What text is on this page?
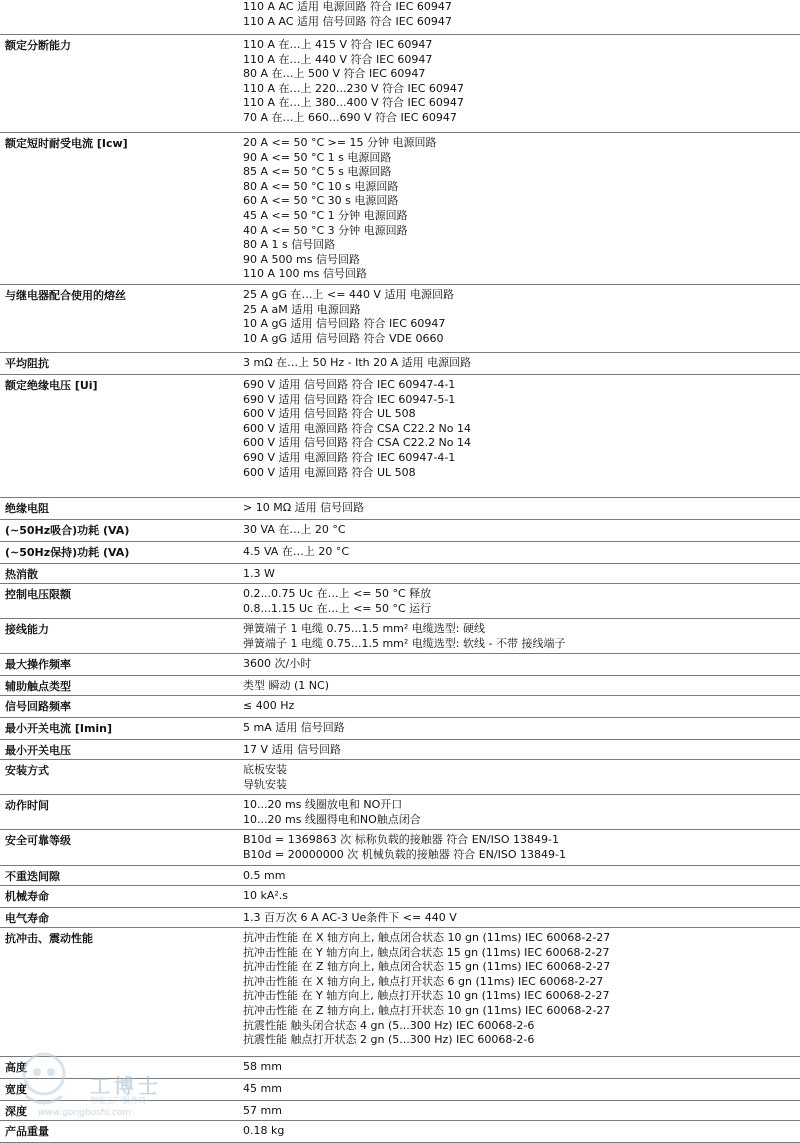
110 A AC 适用 电源回路 符合 IEC 60947
110 A AC 适用 信号回路 符合 IEC 60947
额定分断能力	110 A 在…上 415 V 符合 IEC 60947
110 A 在…上 440 V 符合 IEC 60947
80 A 在…上 500 V 符合 IEC 60947
110 A 在…上 220...230 V 符合 IEC 60947
110 A 在…上 380...400 V 符合 IEC 60947
70 A 在…上 660...690 V 符合 IEC 60947
额定短时耐受电流 [Icw]	20 A <= 50 °C >= 15 分钟 电源回路
90 A <= 50 °C 1 s 电源回路
85 A <= 50 °C 5 s 电源回路
80 A <= 50 °C 10 s 电源回路
60 A <= 50 °C 30 s 电源回路
45 A <= 50 °C 1 分钟 电源回路
40 A <= 50 °C 3 分钟 电源回路
80 A 1 s 信号回路
90 A 500 ms 信号回路
110 A 100 ms 信号回路
与继电器配合使用的熔丝	25 A gG 在…上 <= 440 V 适用 电源回路
25 A aM 适用 电源回路
10 A gG 适用 信号回路 符合 IEC 60947
10 A gG 适用 信号回路 符合 VDE 0660
平均阻抗	3 mΩ 在…上 50 Hz - Ith 20 A 适用 电源回路
额定绝缘电压 [Ui]	690 V 适用 信号回路 符合 IEC 60947-4-1
690 V 适用 信号回路 符合 IEC 60947-5-1
600 V 适用 信号回路 符合 UL 508
600 V 适用 电源回路 符合 CSA C22.2 No 14
600 V 适用 信号回路 符合 CSA C22.2 No 14
690 V 适用 电源回路 符合 IEC 60947-4-1
600 V 适用 电源回路 符合 UL 508
绝缘电阻	> 10 MΩ 适用 信号回路
(~50Hz吸合)功耗 (VA)	30 VA 在…上 20 °C
(~50Hz保持)功耗 (VA)	4.5 VA 在…上 20 °C
热消散	1.3 W
控制电压限额	0.2...0.75 Uc 在…上 <= 50 °C 释放
0.8...1.15 Uc 在…上 <= 50 °C 运行
接线能力	弹簧端子 1 电缆 0.75...1.5 mm² 电缆选型: 硬线
弹簧端子 1 电缆 0.75...1.5 mm² 电缆选型: 软线 - 不带 接线端子
最大操作频率	3600 次/小时
辅助触点类型	类型 瞬动 (1 NC)
信号回路频率	≤ 400 Hz
最小开关电流 [Imin]	5 mA 适用 信号回路
最小开关电压	17 V 适用 信号回路
安装方式	底板安装
导轨安装
动作时间	10...20 ms 线圈放电和 NO开口
10...20 ms 线圈得电和NO触点闭合
安全可靠等级	B10d = 1369863 次 标称负载的接触器 符合 EN/ISO 13849-1
B10d = 20000000 次 机械负载的接触器 符合 EN/ISO 13849-1
不重迭间隙	0.5 mm
机械寿命	10 kA².s
电气寿命	1.3 百万次 6 A AC-3 Ue条件下 <= 440 V
抗冲击、震动性能	抗冲击性能 在 X 轴方向上, 触点闭合状态 10 gn (11ms) IEC 60068-2-27
抗冲击性能 在 Y 轴方向上, 触点闭合状态 15 gn (11ms) IEC 60068-2-27
抗冲击性能 在 Z 轴方向上, 触点闭合状态 15 gn (11ms) IEC 60068-2-27
抗冲击性能 在 X 轴方向上, 触点打开状态 6 gn (11ms) IEC 60068-2-27
抗冲击性能 在 Y 轴方向上, 触点打开状态 10 gn (11ms) IEC 60068-2-27
抗冲击性能 在 Z 轴方向上, 触点打开状态 10 gn (11ms) IEC 60068-2-27
抗震性能 触头闭合状态 4 gn (5...300 Hz) IEC 60068-2-6
抗震性能 触点打开状态 2 gn (5...300 Hz) IEC 60068-2-6
高度	58 mm
宽度	45 mm
深度	57 mm
产品重量	0.18 kg
工博士
智能工厂服务商
www.gongboshi.com
